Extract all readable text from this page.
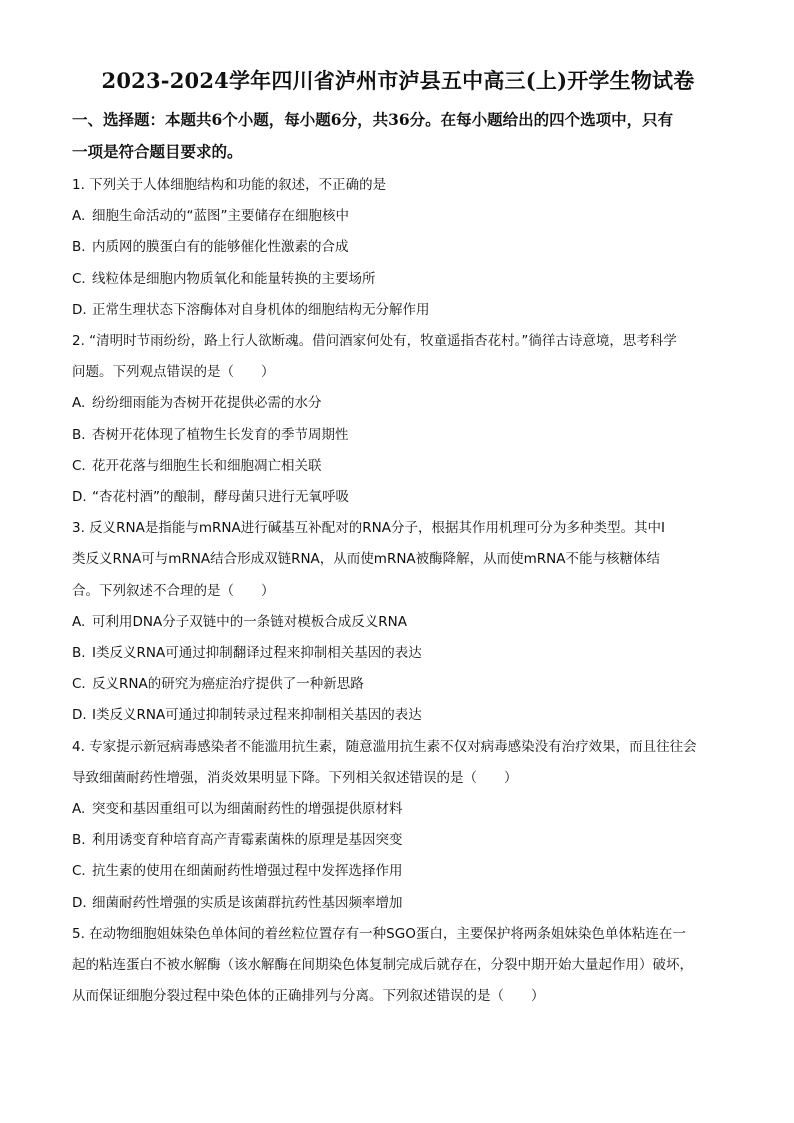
2023-2024学年四川省泸州市泸县五中高三(上)开学生物试卷
一、选择题：本题共6个小题，每小题6分，共36分。在每小题给出的四个选项中，只有
一项是符合题目要求的。
1. 下列关于人体细胞结构和功能的叙述，不正确的是
A. 细胞生命活动的“蓝图”主要储存在细胞核中
B. 内质网的膜蛋白有的能够催化性激素的合成
C. 线粒体是细胞内物质氧化和能量转换的主要场所
D. 正常生理状态下溶酶体对自身机体的细胞结构无分解作用
2. “清明时节雨纷纷，路上行人欲断魂。借问酒家何处有，牧童遥指杏花村。”徜徉古诗意境，思考科学
问题。下列观点错误的是（　　）
A. 纷纷细雨能为杏树开花提供必需的水分
B. 杏树开花体现了植物生长发育的季节周期性
C. 花开花落与细胞生长和细胞凋亡相关联
D. “杏花村酒”的酿制，酵母菌只进行无氧呼吸
3. 反义RNA是指能与mRNA进行碱基互补配对的RNA分子，根据其作用机理可分为多种类型。其中I
类反义RNA可与mRNA结合形成双链RNA，从而使mRNA被酶降解，从而使mRNA不能与核糖体结
合。下列叙述不合理的是（　　）
A. 可利用DNA分子双链中的一条链对模板合成反义RNA
B. I类反义RNA可通过抑制翻译过程来抑制相关基因的表达
C. 反义RNA的研究为癌症治疗提供了一种新思路
D. I类反义RNA可通过抑制转录过程来抑制相关基因的表达
4. 专家提示新冠病毒感染者不能滥用抗生素，随意滥用抗生素不仅对病毒感染没有治疗效果，而且往往会
导致细菌耐药性增强，消炎效果明显下降。下列相关叙述错误的是（　　）
A. 突变和基因重组可以为细菌耐药性的增强提供原材料
B. 利用诱变育种培育高产青霉素菌株的原理是基因突变
C. 抗生素的使用在细菌耐药性增强过程中发挥选择作用
D. 细菌耐药性增强的实质是该菌群抗药性基因频率增加
5. 在动物细胞姐妹染色单体间的着丝粒位置存有一种SGO蛋白，主要保护将两条姐妹染色单体粘连在一
起的粘连蛋白不被水解酶（该水解酶在间期染色体复制完成后就存在，分裂中期开始大量起作用）破坏，
从而保证细胞分裂过程中染色体的正确排列与分离。下列叙述错误的是（　　）
